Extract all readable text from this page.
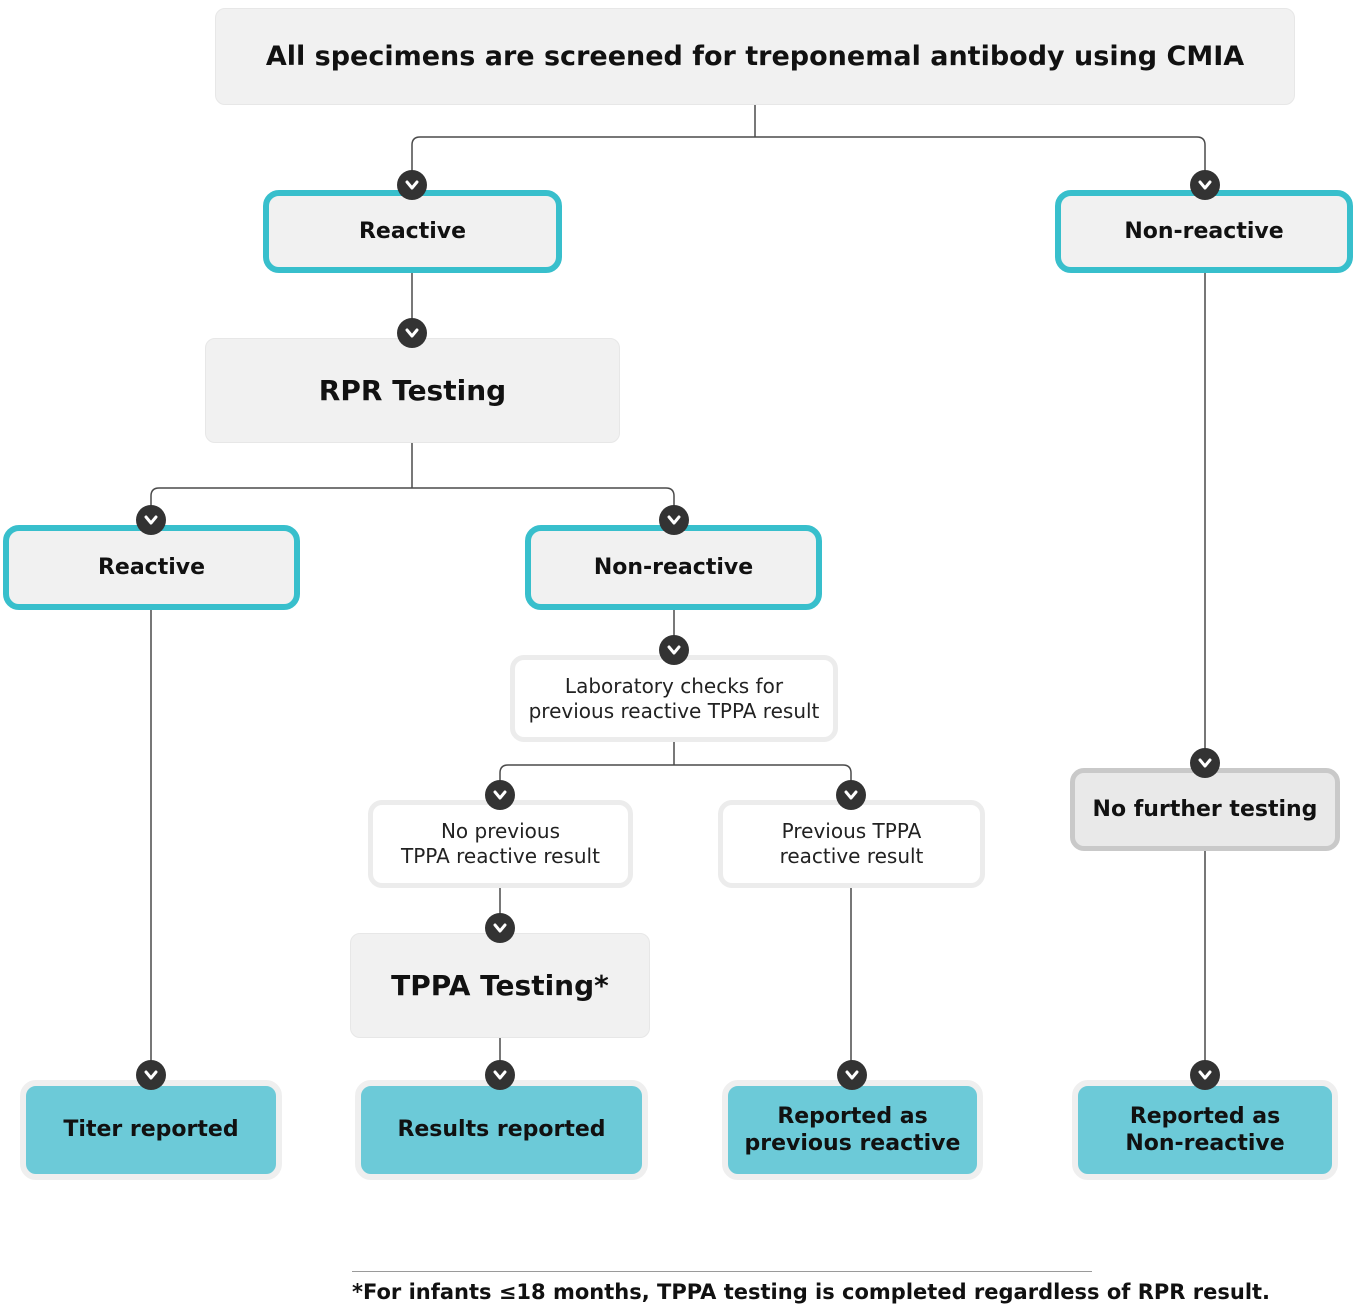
All specimens are screened for treponemal antibody using CMIA
Reactive	Non-reactive
RPR Testing
Reactive	Non-reactive
Laboratory checks for
previous reactive TPPA result
No previous
TPPA reactive result
Previous TPPA
reactive result
TPPA Testing*
No further testing
Titer reported	Results reported
Reported as
previous reactive
Reported as
Non-reactive
*For infants ≤18 months, TPPA testing is completed regardless of RPR result.
